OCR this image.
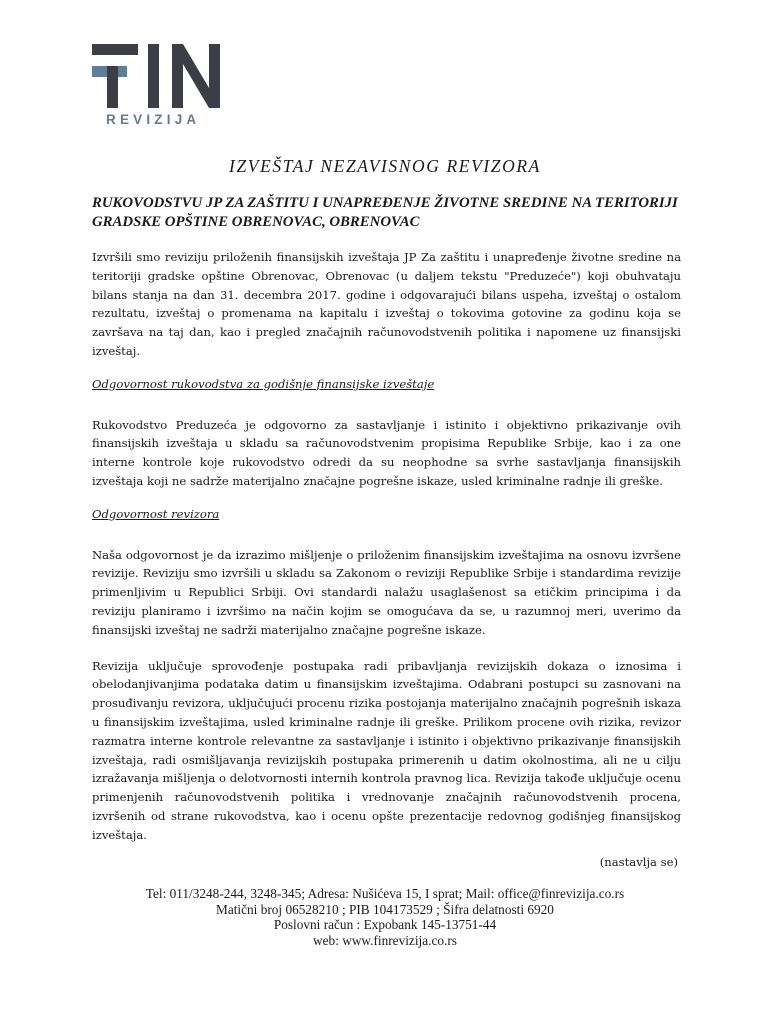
REVIZIJA
IZVEŠTAJ NEZAVISNOG REVIZORA
RUKOVODSTVU JP ZA ZAŠTITU I UNAPREĐENJE ŽIVOTNE SREDINE NA TERITORIJI GRADSKE OPŠTINE OBRENOVAC, OBRENOVAC

Izvršili smo reviziju priloženih finansijskih izveštaja JP Za zaštitu i unapređenje životne sredine na teritoriji gradske opštine Obrenovac, Obrenovac (u daljem tekstu "Preduzeće") koji obuhvataju bilans stanja na dan 31. decembra 2017. godine i odgovarajući bilans uspeha, izveštaj o ostalom rezultatu, izveštaj o promenama na kapitalu i izveštaj o tokovima gotovine za godinu koja se završava na taj dan, kao i pregled značajnih računovodstvenih politika i napomene uz finansijski izveštaj.

Odgovornost rukovodstva za godišnje finansijske izveštaje

Rukovodstvo Preduzeća je odgovorno za sastavljanje i istinito i objektivno prikazivanje ovih finansijskih izveštaja u skladu sa računovodstvenim propisima Republike Srbije, kao i za one interne kontrole koje rukovodstvo odredi da su neophodne sa svrhe sastavljanja finansijskih izveštaja koji ne sadrže materijalno značajne pogrešne iskaze, usled kriminalne radnje ili greške.

Odgovornost revizora

Naša odgovornost je da izrazimo mišljenje o priloženim finansijskim izveštajima na osnovu izvršene revizije. Reviziju smo izvršili u skladu sa Zakonom o reviziji Republike Srbije i standardima revizije primenljivim u Republici Srbiji. Ovi standardi nalažu usaglašenost sa etičkim principima i da reviziju planiramo i izvršimo na način kojim se omogućava da se, u razumnoj meri, uverimo da finansijski izveštaj ne sadrži materijalno značajne pogrešne iskaze.

Revizija uključuje sprovođenje postupaka radi pribavljanja revizijskih dokaza o iznosima i obelodanjivanjima podataka datim u finansijskim izveštajima. Odabrani postupci su zasnovani na prosuđivanju revizora, uključujući procenu rizika postojanja materijalno značajnih pogrešnih iskaza u finansijskim izveštajima, usled kriminalne radnje ili greške. Prilikom procene ovih rizika, revizor razmatra interne kontrole relevantne za sastavljanje i istinito i objektivno prikazivanje finansijskih izveštaja, radi osmišljavanja revizijskih postupaka primerenih u datim okolnostima, ali ne u cilju izražavanja mišljenja o delotvornosti internih kontrola pravnog lica. Revizija takođe uključuje ocenu primenjenih računovodstvenih politika i vrednovanje značajnih računovodstvenih procena, izvršenih od strane rukovodstva, kao i ocenu opšte prezentacije redovnog godišnjeg finansijskog izveštaja.

(nastavlja se)

Tel: 011/3248-244, 3248-345; Adresa: Nušićeva 15, I sprat; Mail: office@finrevizija.co.rs
Matični broj 06528210 ; PIB 104173529 ; Šifra delatnosti 6920
Poslovni račun : Expobank 145-13751-44
web: www.finrevizija.co.rs
